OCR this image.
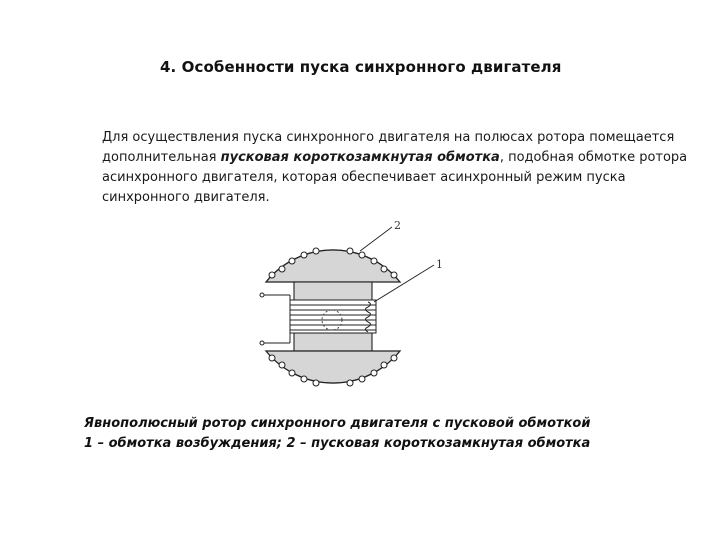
4. Особенности пуска синхронного двигателя
Для осуществления пуска синхронного двигателя на полюсах ротора помещается дополнительная пусковая короткозамкнутая обмотка, подобная обмотке ротора асинхронного двигателя, которая обеспечивает асинхронный режим пуска синхронного двигателя.
2
1
Явнополюсный ротор синхронного двигателя с пусковой обмоткой
1 – обмотка возбуждения; 2 – пусковая короткозамкнутая обмотка
